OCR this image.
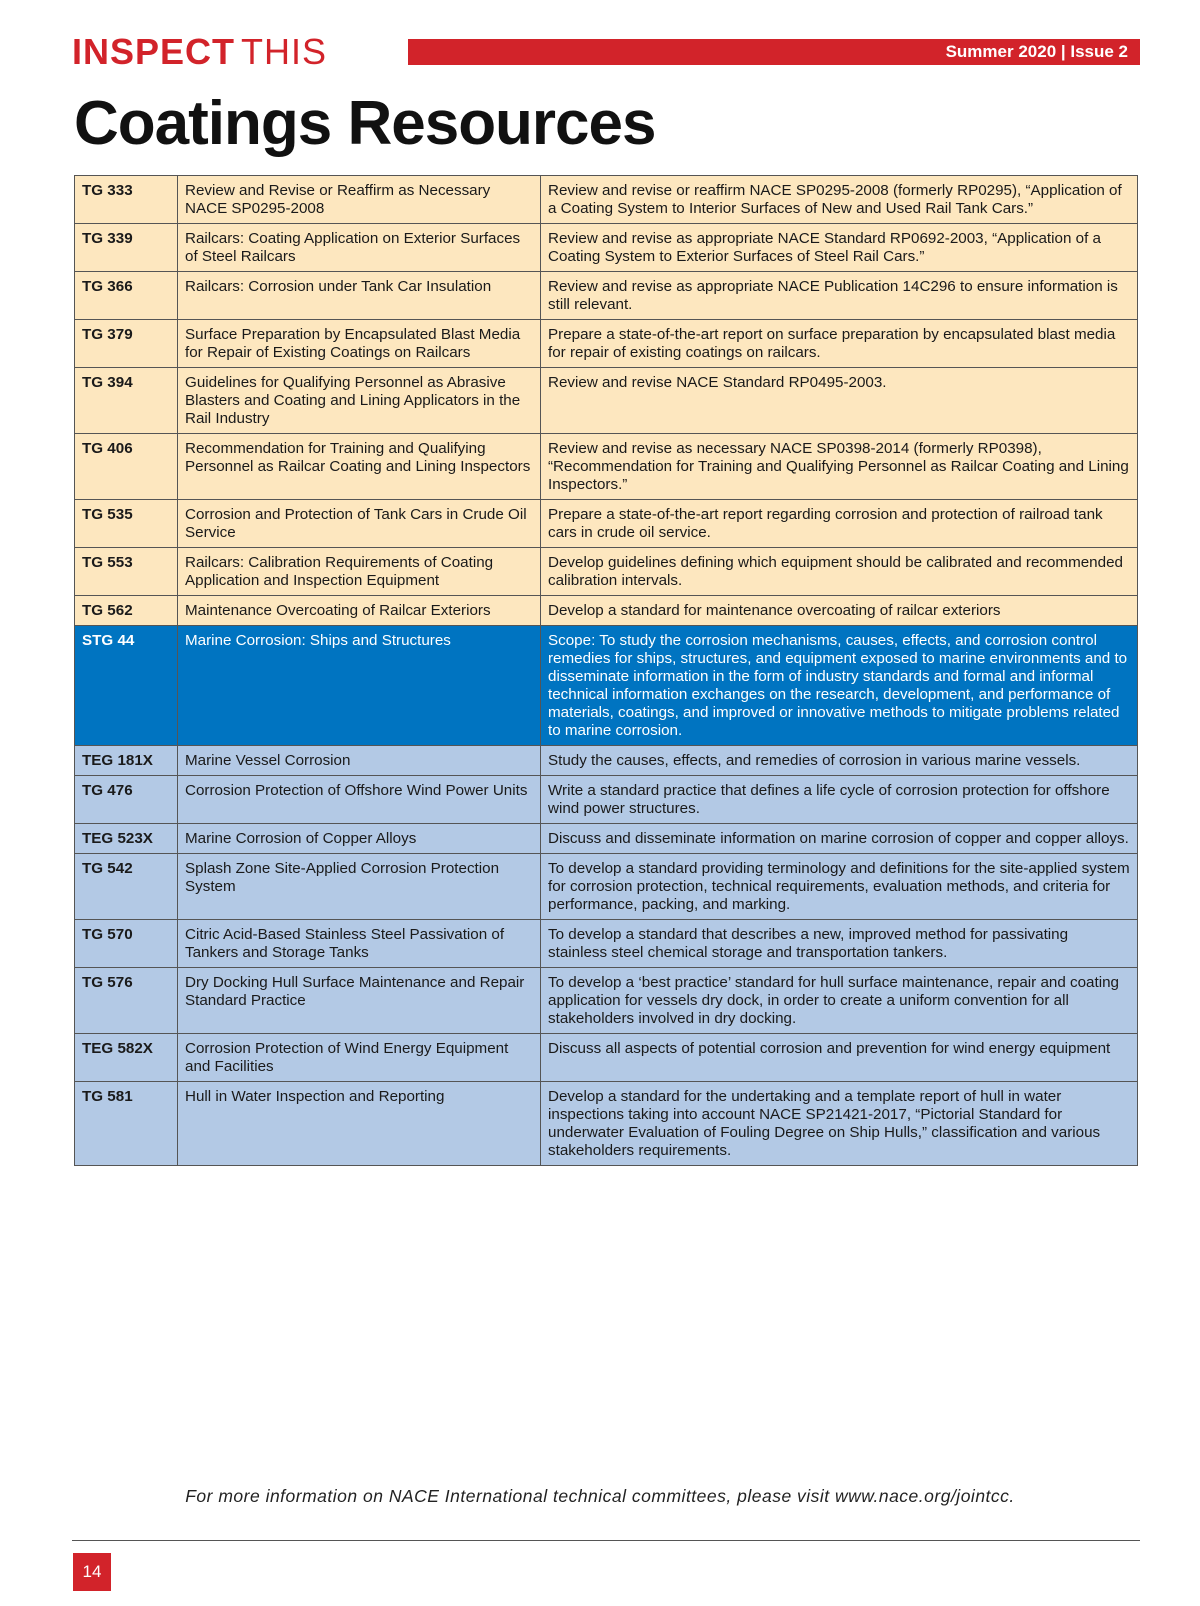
INSPECT THIS	Summer 2020 | Issue 2
Coatings Resources
TG 333	Review and Revise or Reaffirm as Necessary NACE SP0295-2008	Review and revise or reaffirm NACE SP0295-2008 (formerly RP0295), “Application of a Coating System to Interior Surfaces of New and Used Rail Tank Cars.”
TG 339	Railcars: Coating Application on Exterior Surfaces of Steel Railcars	Review and revise as appropriate NACE Standard RP0692-2003, “Application of a Coating System to Exterior Surfaces of Steel Rail Cars.”
TG 366	Railcars: Corrosion under Tank Car Insulation	Review and revise as appropriate NACE Publication 14C296 to ensure information is still relevant.
TG 379	Surface Preparation by Encapsulated Blast Media for Repair of Existing Coatings on Railcars	Prepare a state-of-the-art report on surface preparation by encapsulated blast media for repair of existing coatings on railcars.
TG 394	Guidelines for Qualifying Personnel as Abrasive Blasters and Coating and Lining Applicators in the Rail Industry	Review and revise NACE Standard RP0495-2003.
TG 406	Recommendation for Training and Qualifying Personnel as Railcar Coating and Lining Inspectors	Review and revise as necessary NACE SP0398-2014 (formerly RP0398), “Recommendation for Training and Qualifying Personnel as Railcar Coating and Lining Inspectors.”
TG 535	Corrosion and Protection of Tank Cars in Crude Oil Service	Prepare a state-of-the-art report regarding corrosion and protection of railroad tank cars in crude oil service.
TG 553	Railcars: Calibration Requirements of Coating Application and Inspection Equipment	Develop guidelines defining which equipment should be calibrated and recommended calibration intervals.
TG 562	Maintenance Overcoating of Railcar Exteriors	Develop a standard for maintenance overcoating of railcar exteriors
STG 44	Marine Corrosion: Ships and Structures	Scope: To study the corrosion mechanisms, causes, effects, and corrosion control remedies for ships, structures, and equipment exposed to marine environments and to disseminate information in the form of industry standards and formal and informal technical information exchanges on the research, development, and performance of materials, coatings, and improved or innovative methods to mitigate problems related to marine corrosion.
TEG 181X	Marine Vessel Corrosion	Study the causes, effects, and remedies of corrosion in various marine vessels.
TG 476	Corrosion Protection of Offshore Wind Power Units	Write a standard practice that defines a life cycle of corrosion protection for offshore wind power structures.
TEG 523X	Marine Corrosion of Copper Alloys	Discuss and disseminate information on marine corrosion of copper and copper alloys.
TG 542	Splash Zone Site-Applied Corrosion Protection System	To develop a standard providing terminology and definitions for the site-applied system for corrosion protection, technical requirements, evaluation methods, and criteria for performance, packing, and marking.
TG 570	Citric Acid-Based Stainless Steel Passivation of Tankers and Storage Tanks	To develop a standard that describes a new, improved method for passivating stainless steel chemical storage and transportation tankers.
TG 576	Dry Docking Hull Surface Maintenance and Repair Standard Practice	To develop a ‘best practice’ standard for hull surface maintenance, repair and coating application for vessels dry dock, in order to create a uniform convention for all stakeholders involved in dry docking.
TEG 582X	Corrosion Protection of Wind Energy Equipment and Facilities	Discuss all aspects of potential corrosion and prevention for wind energy equipment
TG 581	Hull in Water Inspection and Reporting	Develop a standard for the undertaking and a template report of hull in water inspections taking into account NACE SP21421-2017, “Pictorial Standard for underwater Evaluation of Fouling Degree on Ship Hulls,” classification and various stakeholders requirements.
For more information on NACE International technical committees, please visit www.nace.org/jointcc.
14
